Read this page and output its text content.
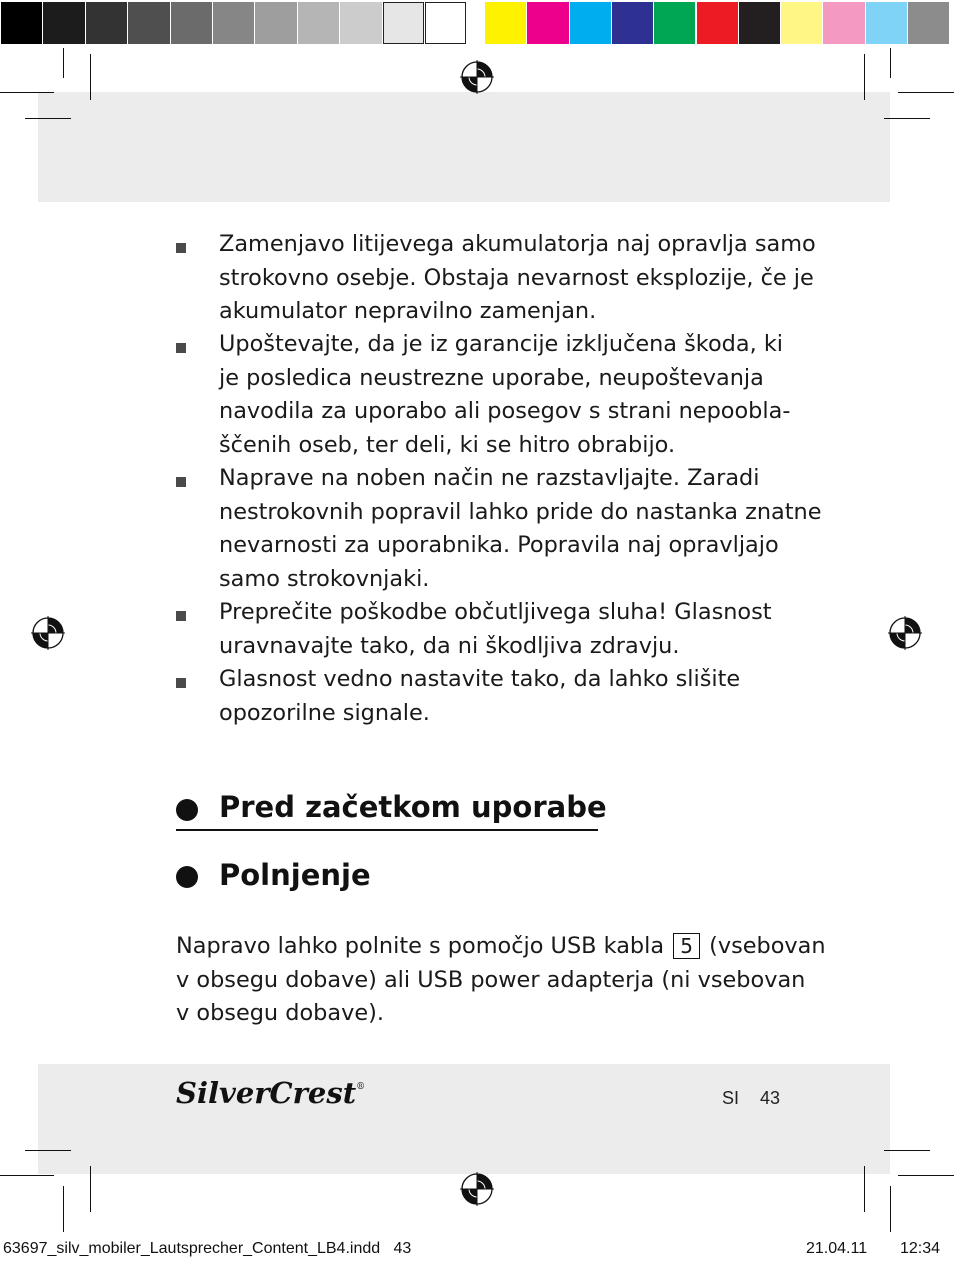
Zamenjavo litijevega akumulatorja naj opravlja samo
strokovno osebje. Obstaja nevarnost eksplozije, če je
akumulator nepravilno zamenjan.
Upoštevajte, da je iz garancije izključena škoda, ki
je posledica neustrezne uporabe, neupoštevanja
navodila za uporabo ali posegov s strani nepoobla-
ščenih oseb, ter deli, ki se hitro obrabijo.
Naprave na noben način ne razstavljajte. Zaradi
nestrokovnih popravil lahko pride do nastanka znatne
nevarnosti za uporabnika. Popravila naj opravljajo
samo strokovnjaki.
Preprečite poškodbe občutljivega sluha! Glasnost
uravnavajte tako, da ni škodljiva zdravju.
Glasnost vedno nastavite tako, da lahko slišite
opozorilne signale.
Pred začetkom uporabe
Polnjenje
Napravo lahko polnite s pomočjo USB kabla 5 (vsebovan
v obsegu dobave) ali USB power adapterja (ni vsebovan
v obsegu dobave).
SilverCrest®
SI 43
63697_silv_mobiler_Lautsprecher_Content_LB4.indd   43	21.04.11 12:34
